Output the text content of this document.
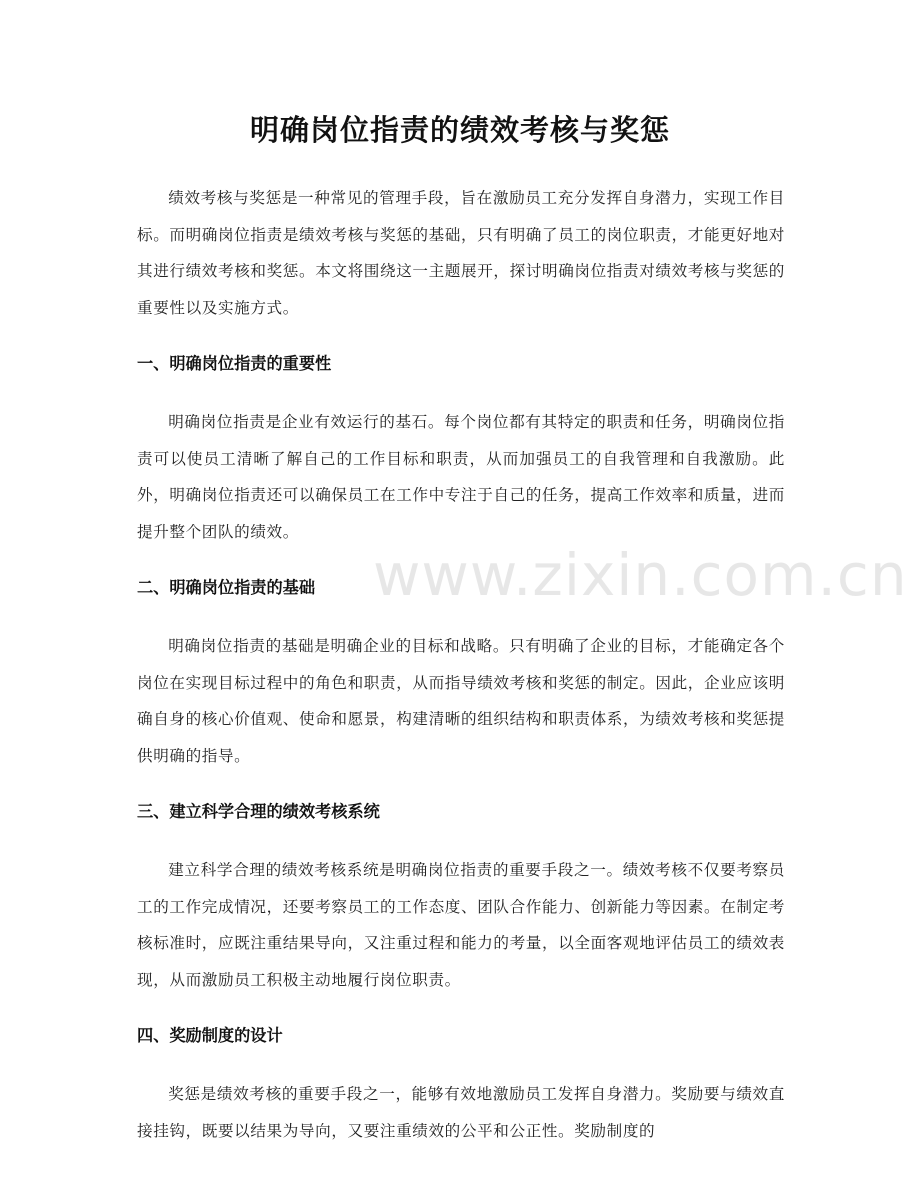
明确岗位指责的绩效考核与奖惩

绩效考核与奖惩是一种常见的管理手段，旨在激励员工充分发挥自身潜力，实现工作目标。而明确岗位指责是绩效考核与奖惩的基础，只有明确了员工的岗位职责，才能更好地对其进行绩效考核和奖惩。本文将围绕这一主题展开，探讨明确岗位指责对绩效考核与奖惩的重要性以及实施方式。

一、明确岗位指责的重要性

明确岗位指责是企业有效运行的基石。每个岗位都有其特定的职责和任务，明确岗位指责可以使员工清晰了解自己的工作目标和职责，从而加强员工的自我管理和自我激励。此外，明确岗位指责还可以确保员工在工作中专注于自己的任务，提高工作效率和质量，进而提升整个团队的绩效。

二、明确岗位指责的基础

明确岗位指责的基础是明确企业的目标和战略。只有明确了企业的目标，才能确定各个岗位在实现目标过程中的角色和职责，从而指导绩效考核和奖惩的制定。因此，企业应该明确自身的核心价值观、使命和愿景，构建清晰的组织结构和职责体系，为绩效考核和奖惩提供明确的指导。

三、建立科学合理的绩效考核系统

建立科学合理的绩效考核系统是明确岗位指责的重要手段之一。绩效考核不仅要考察员工的工作完成情况，还要考察员工的工作态度、团队合作能力、创新能力等因素。在制定考核标准时，应既注重结果导向，又注重过程和能力的考量，以全面客观地评估员工的绩效表现，从而激励员工积极主动地履行岗位职责。

四、奖励制度的设计

奖惩是绩效考核的重要手段之一，能够有效地激励员工发挥自身潜力。奖励要与绩效直接挂钩，既要以结果为导向，又要注重绩效的公平和公正性。奖励制度的

www.zixin.com.cn
